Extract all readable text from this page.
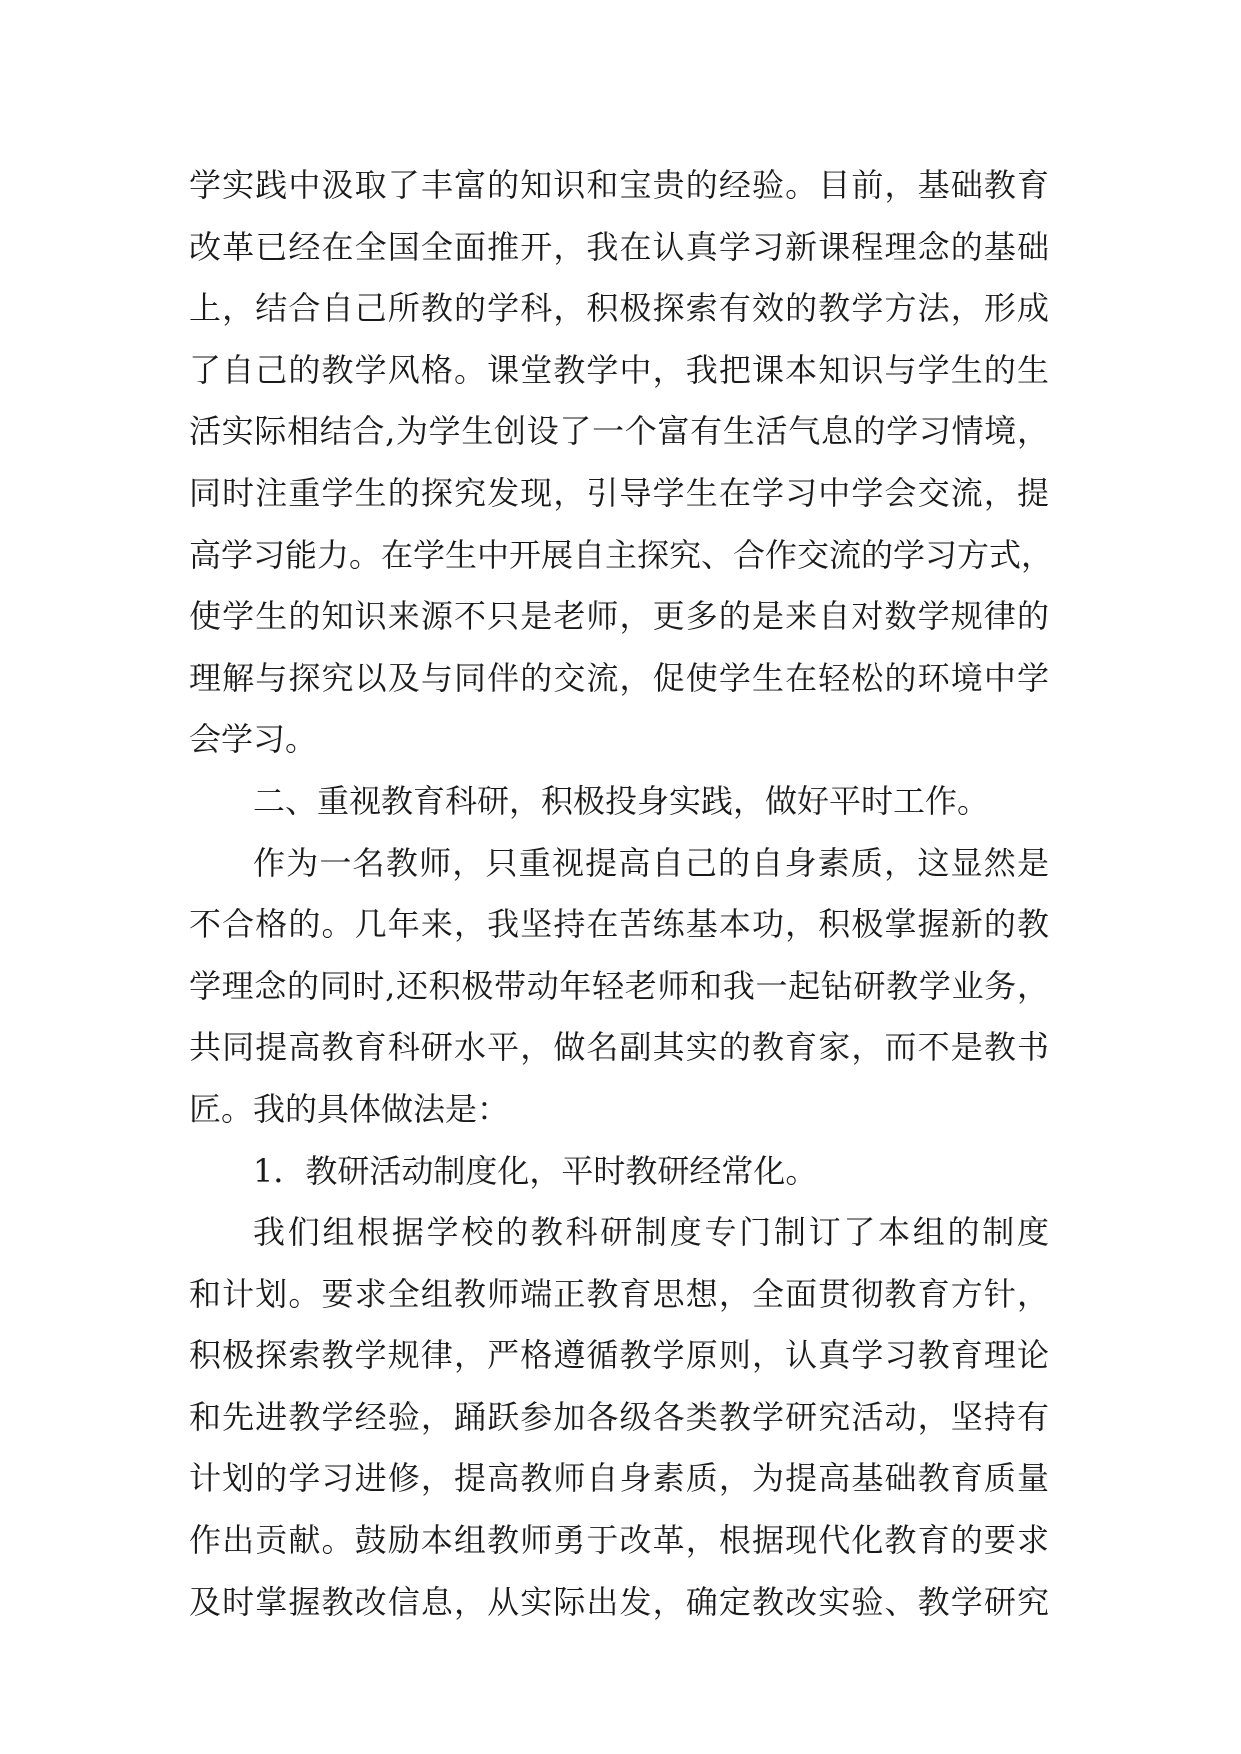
学实践中汲取了丰富的知识和宝贵的经验。目前，基础教育
改革已经在全国全面推开，我在认真学习新课程理念的基础
上，结合自己所教的学科，积极探索有效的教学方法，形成
了自己的教学风格。课堂教学中，我把课本知识与学生的生
活实际相结合,为学生创设了一个富有生活气息的学习情境，
同时注重学生的探究发现，引导学生在学习中学会交流，提
高学习能力。在学生中开展自主探究、合作交流的学习方式，
使学生的知识来源不只是老师，更多的是来自对数学规律的
理解与探究以及与同伴的交流，促使学生在轻松的环境中学
会学习。
二、重视教育科研，积极投身实践，做好平时工作。
作为一名教师，只重视提高自己的自身素质，这显然是
不合格的。几年来，我坚持在苦练基本功，积极掌握新的教
学理念的同时,还积极带动年轻老师和我一起钻研教学业务，
共同提高教育科研水平，做名副其实的教育家，而不是教书
匠。我的具体做法是：
1．教研活动制度化，平时教研经常化。
我们组根据学校的教科研制度专门制订了本组的制度
和计划。要求全组教师端正教育思想，全面贯彻教育方针，
积极探索教学规律，严格遵循教学原则，认真学习教育理论
和先进教学经验，踊跃参加各级各类教学研究活动，坚持有
计划的学习进修，提高教师自身素质，为提高基础教育质量
作出贡献。鼓励本组教师勇于改革，根据现代化教育的要求
及时掌握教改信息，从实际出发，确定教改实验、教学研究
